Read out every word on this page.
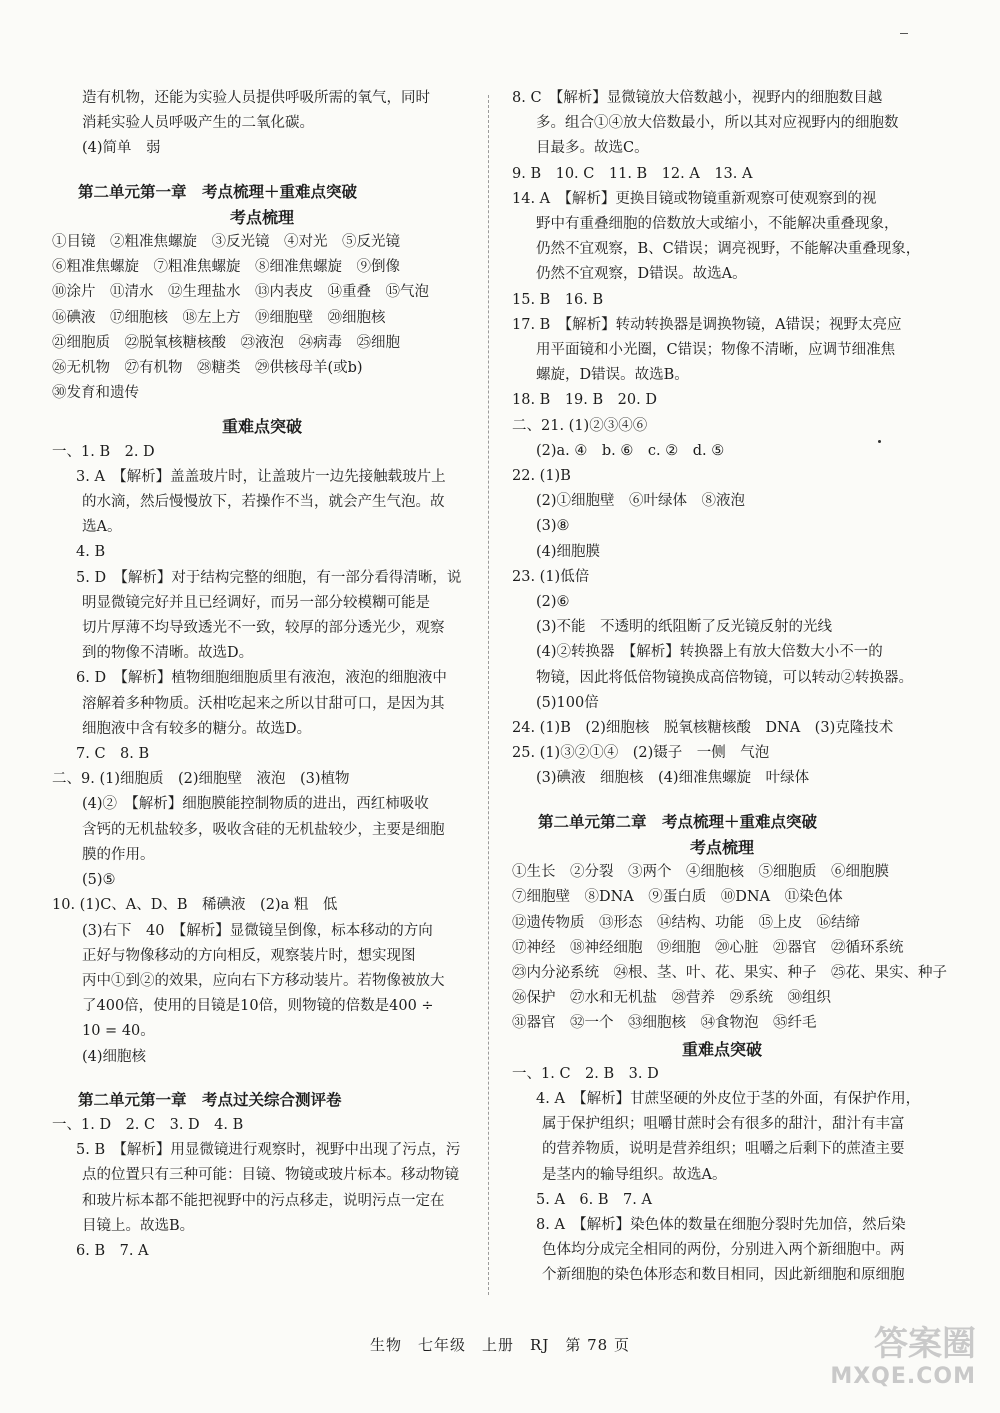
造有机物，还能为实验人员提供呼吸所需的氧气，同时
消耗实验人员呼吸产生的二氧化碳。
(4)简单　弱
第二单元第一章　考点梳理＋重难点突破
考点梳理
①目镜　②粗准焦螺旋　③反光镜　④对光　⑤反光镜
⑥粗准焦螺旋　⑦粗准焦螺旋　⑧细准焦螺旋　⑨倒像
⑩涂片　⑪清水　⑫生理盐水　⑬内表皮　⑭重叠　⑮气泡
⑯碘液　⑰细胞核　⑱左上方　⑲细胞壁　⑳细胞核
㉑细胞质　㉒脱氧核糖核酸　㉓液泡　㉔病毒　㉕细胞
㉖无机物　㉗有机物　㉘糖类　㉙供核母羊(或b)
㉚发育和遗传
重难点突破
一、1. B　2. D
3. A　【解析】盖盖玻片时，让盖玻片一边先接触载玻片上
的水滴，然后慢慢放下，若操作不当，就会产生气泡。故
选A。
4. B
5. D　【解析】对于结构完整的细胞，有一部分看得清晰，说
明显微镜完好并且已经调好，而另一部分较模糊可能是
切片厚薄不均导致透光不一致，较厚的部分透光少，观察
到的物像不清晰。故选D。
6. D　【解析】植物细胞细胞质里有液泡，液泡的细胞液中
溶解着多种物质。沃柑吃起来之所以甘甜可口，是因为其
细胞液中含有较多的糖分。故选D。
7. C　8. B
二、9. (1)细胞质　(2)细胞壁　液泡　(3)植物
(4)②　【解析】细胞膜能控制物质的进出，西红柿吸收
含钙的无机盐较多，吸收含硅的无机盐较少，主要是细胞
膜的作用。
(5)⑤
10. (1)C、A、D、B　稀碘液　(2)a 粗　低
(3)右下　40　【解析】显微镜呈倒像，标本移动的方向
正好与物像移动的方向相反，观察装片时，想实现图
丙中①到②的效果，应向右下方移动装片。若物像被放大
了400倍，使用的目镜是10倍，则物镜的倍数是400 ÷
10 = 40。
(4)细胞核
第二单元第一章　考点过关综合测评卷
一、1. D　2. C　3. D　4. B
5. B　【解析】用显微镜进行观察时，视野中出现了污点，污
点的位置只有三种可能：目镜、物镜或玻片标本。移动物镜
和玻片标本都不能把视野中的污点移走，说明污点一定在
目镜上。故选B。
6. B　7. A
8. C　【解析】显微镜放大倍数越小，视野内的细胞数目越
多。组合①④放大倍数最小，所以其对应视野内的细胞数
目最多。故选C。
9. B　10. C　11. B　12. A　13. A
14. A　【解析】更换目镜或物镜重新观察可使观察到的视
野中有重叠细胞的倍数放大或缩小，不能解决重叠现象，
仍然不宜观察，B、C错误；调亮视野，不能解决重叠现象，
仍然不宜观察，D错误。故选A。
15. B　16. B
17. B　【解析】转动转换器是调换物镜，A错误；视野太亮应
用平面镜和小光圈，C错误；物像不清晰，应调节细准焦
螺旋，D错误。故选B。
18. B　19. B　20. D
二、21. (1)②③④⑥
(2)a. ④　b. ⑥　c. ②　d. ⑤
22. (1)B
(2)①细胞壁　⑥叶绿体　⑧液泡
(3)⑧
(4)细胞膜
23. (1)低倍
(2)⑥
(3)不能　不透明的纸阻断了反光镜反射的光线
(4)②转换器　【解析】转换器上有放大倍数大小不一的
物镜，因此将低倍物镜换成高倍物镜，可以转动②转换器。
(5)100倍
24. (1)B　(2)细胞核　脱氧核糖核酸　DNA　(3)克隆技术
25. (1)③②①④　(2)镊子　一侧　气泡
(3)碘液　细胞核　(4)细准焦螺旋　叶绿体
第二单元第二章　考点梳理＋重难点突破
考点梳理
①生长　②分裂　③两个　④细胞核　⑤细胞质　⑥细胞膜
⑦细胞壁　⑧DNA　⑨蛋白质　⑩DNA　⑪染色体
⑫遗传物质　⑬形态　⑭结构、功能　⑮上皮　⑯结缔
⑰神经　⑱神经细胞　⑲细胞　⑳心脏　㉑器官　㉒循环系统
㉓内分泌系统　㉔根、茎、叶、花、果实、种子　㉕花、果实、种子
㉖保护　㉗水和无机盐　㉘营养　㉙系统　㉚组织
㉛器官　㉜一个　㉝细胞核　㉞食物泡　㉟纤毛
重难点突破
一、1. C　2. B　3. D
4. A　【解析】甘蔗坚硬的外皮位于茎的外面，有保护作用，
属于保护组织；咀嚼甘蔗时会有很多的甜汁，甜汁有丰富
的营养物质，说明是营养组织；咀嚼之后剩下的蔗渣主要
是茎内的输导组织。故选A。
5. A　6. B　7. A
8. A　【解析】染色体的数量在细胞分裂时先加倍，然后染
色体均分成完全相同的两份，分别进入两个新细胞中。两
个新细胞的染色体形态和数目相同，因此新细胞和原细胞
生物　七年级　上册　RJ　第 78 页	答案圈
MXQE.COM
